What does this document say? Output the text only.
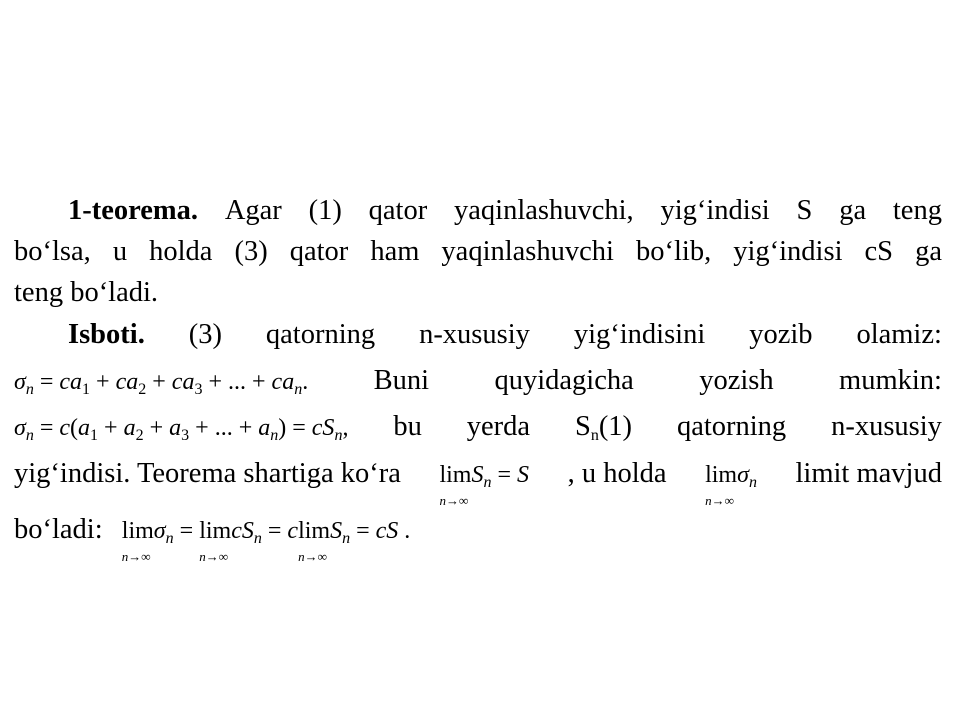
1-teorema. Agar (1) qator yaqinlashuvchi, yig‘indisi S ga teng
bo‘lsa, u holda (3) qator ham yaqinlashuvchi bo‘lib, yig‘indisi cS ga
teng bo‘ladi.
Isboti. (3) qatorning n-xususiy yig‘indisini yozib olamiz:
$\sigma_n = ca_1 + ca_2 + ca_3$ + ... + $ca_n$. Buni quyidagicha yozish mumkin:
$\sigma_n = c(a_1 + a_2 + a_3$ + ... + $a_n) = cS_n$, bu yerda $S_n(1)$ qatorning n-xususiy
yig‘indisi. Teorema shartiga ko‘ra lim
n→∞
$S_n = S$ , u holda lim
n→∞
$\sigma_n$ limit mavjud
bo‘ladi: lim
n→∞
$\sigma_n = \lim$
n→∞
$cS_n = clim$
n→∞
$S_n$ = cS .
